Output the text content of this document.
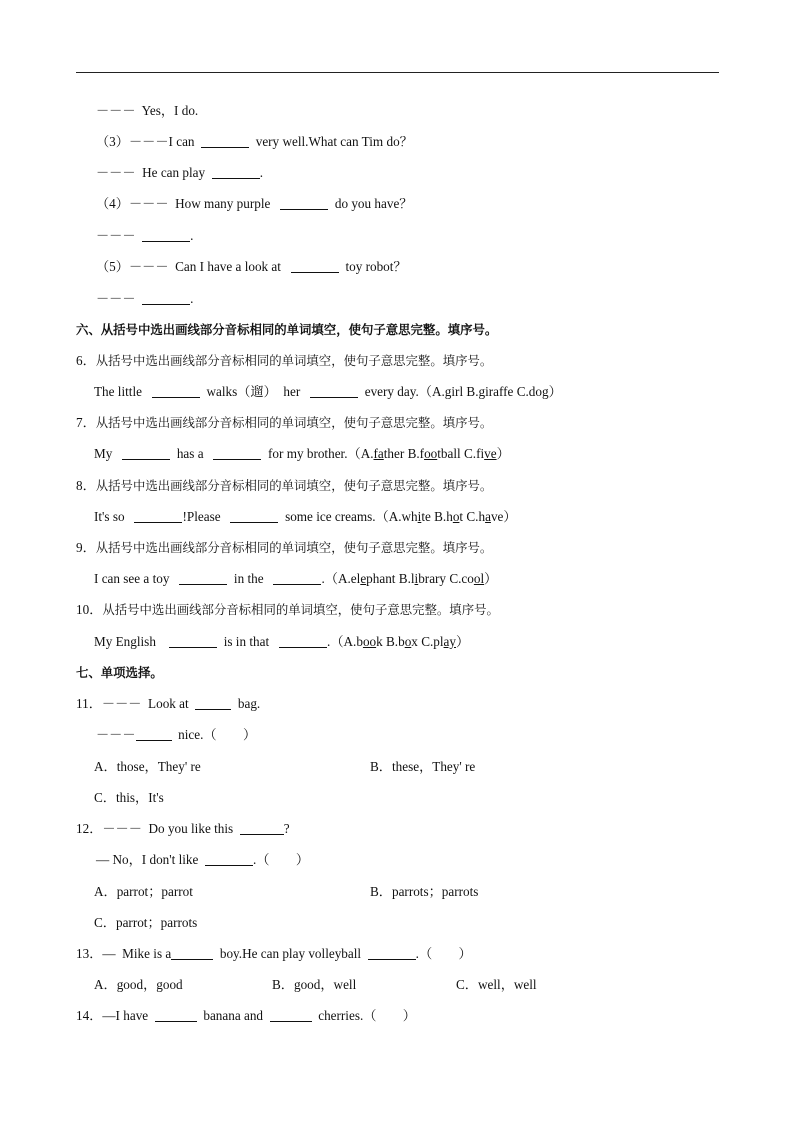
－－－  Yes，I do.
（3）－－－I can	very well.What can Tim do？
－－－  He can play	.
（4）－－－  How many purple	do you have？
－－－	.
（5）－－－  Can I have a look at	toy robot？
－－－	.
六、从括号中选出画线部分音标相同的单词填空，使句子意思完整。填序号。
6．从括号中选出画线部分音标相同的单词填空，使句子意思完整。填序号。
The little	walks（遛）  her	every day.（A.girl B.giraffe C.dog）
7．从括号中选出画线部分音标相同的单词填空，使句子意思完整。填序号。
My	has a	for my brother.（A.father B.football C.five）
8．从括号中选出画线部分音标相同的单词填空，使句子意思完整。填序号。
It's so	!Please	some ice creams.（A.white B.hot C.have）
9．从括号中选出画线部分音标相同的单词填空，使句子意思完整。填序号。
I can see a toy	in the	.（A.elephant B.library C.cool）
10．从括号中选出画线部分音标相同的单词填空，使句子意思完整。填序号。
My English	is in that	.（A.book B.box C.play）
七、单项选择。
11．－－－  Look at	bag.
－－－	nice.（        ）
A．those，They' re	B．these，They' re
C．this，It's
12．－－－  Do you like this	?
— No，I don't like	.（        ）
A．parrot；parrot	B．parrots；parrots
C．parrot；parrots
13．—  Mike is a	boy.He can play volleyball	.（        ）
A．good，good	B．good，well	C．well，well
14．—I have	banana and	cherries.（        ）
